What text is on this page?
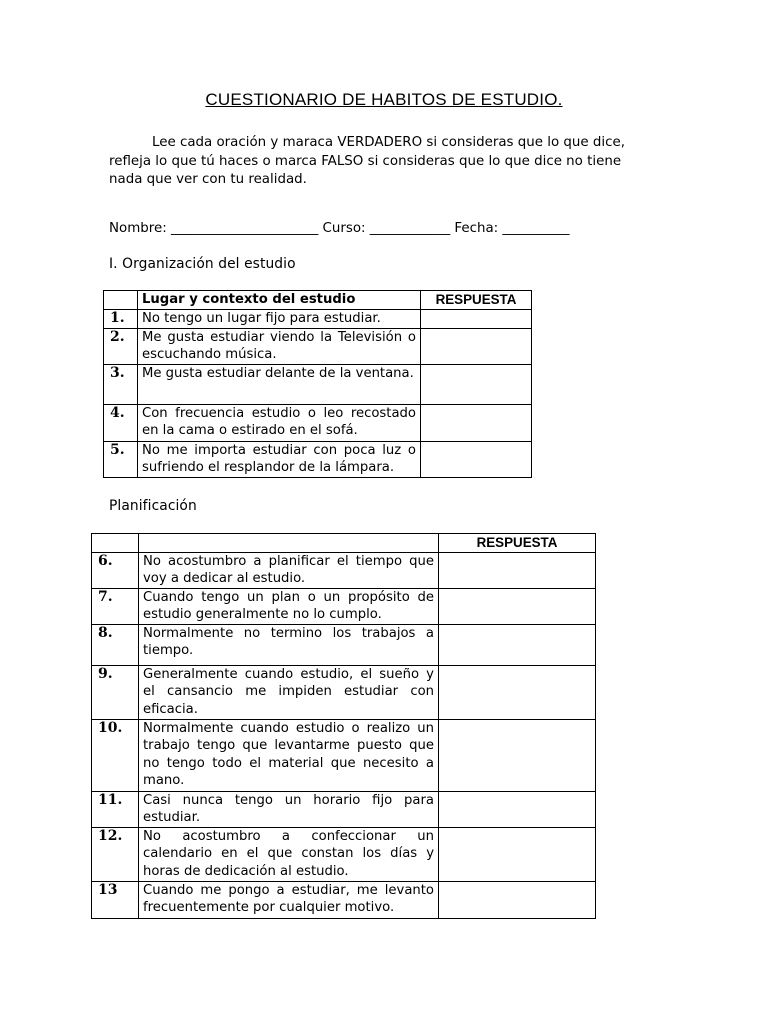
CUESTIONARIO DE HABITOS DE ESTUDIO.
Lee cada oración y maraca VERDADERO si consideras que lo que dice, refleja lo que tú haces o marca FALSO si consideras que lo que dice no tiene nada que ver con tu realidad.
Nombre: ______________________ Curso: ____________ Fecha: __________
I. Organización del estudio
	Lugar y contexto del estudio	RESPUESTA
1.	No tengo un lugar fijo para estudiar.	
2.	Me gusta estudiar viendo la Televisión o escuchando música.	
3.	Me gusta estudiar delante de la ventana.	
4.	Con frecuencia estudio o leo recostado en la cama o estirado en el sofá.	
5.	No me importa estudiar con poca luz o sufriendo el resplandor de la lámpara.	
Planificación
		RESPUESTA
6.	No acostumbro a planificar el tiempo que voy a dedicar al estudio.	
7.	Cuando tengo un plan o un propósito de estudio generalmente no lo cumplo.	
8.	Normalmente no termino los trabajos a tiempo.	
9.	Generalmente cuando estudio, el sueño y el cansancio me impiden estudiar con eficacia.	
10.	Normalmente cuando estudio o realizo un trabajo tengo que levantarme puesto que no tengo todo el material que necesito a mano.	
11.	Casi nunca tengo un horario fijo para estudiar.	
12.	No acostumbro a confeccionar un calendario en el que constan los días y horas de dedicación al estudio.	
13	Cuando me pongo a estudiar, me levanto frecuentemente por cualquier motivo.	
